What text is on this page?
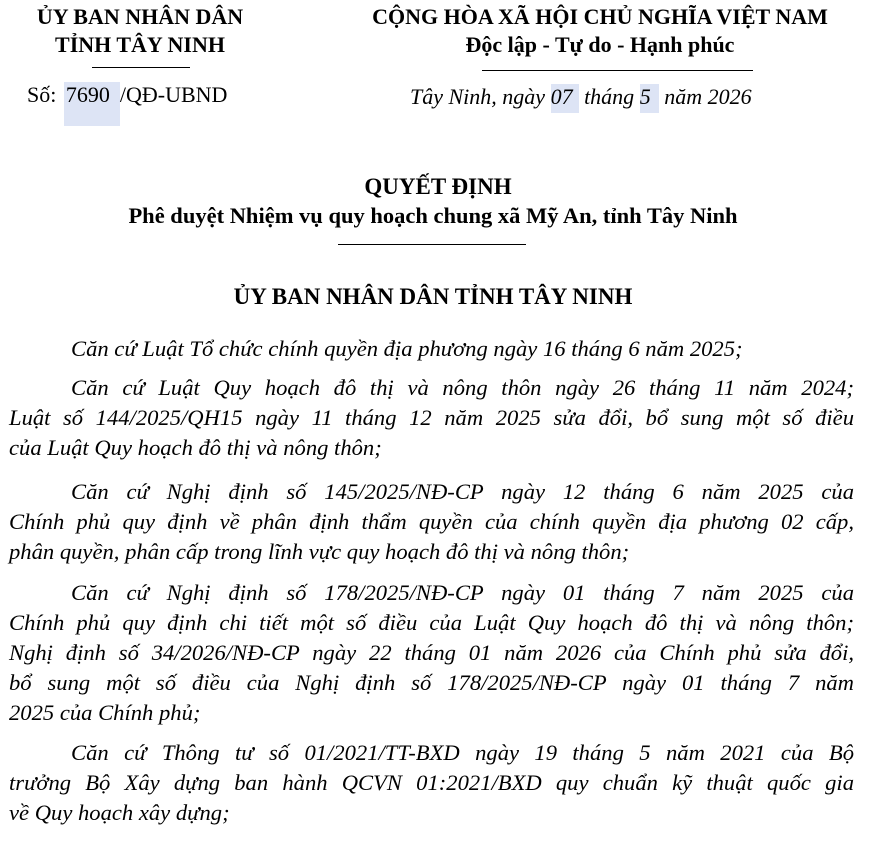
ỦY BAN NHÂN DÂN
TỈNH TÂY NINH
Số: 7690 /QĐ-UBND
CỘNG HÒA XÃ HỘI CHỦ NGHĨA VIỆT NAM
Độc lập - Tự do - Hạnh phúc
Tây Ninh, ngày 07 tháng 5 năm 2026
QUYẾT ĐỊNH
Phê duyệt Nhiệm vụ quy hoạch chung xã Mỹ An, tỉnh Tây Ninh
ỦY BAN NHÂN DÂN TỈNH TÂY NINH
Căn cứ Luật Tổ chức chính quyền địa phương ngày 16 tháng 6 năm 2025;
Căn cứ Luật Quy hoạch đô thị và nông thôn ngày 26 tháng 11 năm 2024;
Luật số 144/2025/QH15 ngày 11 tháng 12 năm 2025 sửa đổi, bổ sung một số điều
của Luật Quy hoạch đô thị và nông thôn;
Căn cứ Nghị định số 145/2025/NĐ-CP ngày 12 tháng 6 năm 2025 của
Chính phủ quy định về phân định thẩm quyền của chính quyền địa phương 02 cấp,
phân quyền, phân cấp trong lĩnh vực quy hoạch đô thị và nông thôn;
Căn cứ Nghị định số 178/2025/NĐ-CP ngày 01 tháng 7 năm 2025 của
Chính phủ quy định chi tiết một số điều của Luật Quy hoạch đô thị và nông thôn;
Nghị định số 34/2026/NĐ-CP ngày 22 tháng 01 năm 2026 của Chính phủ sửa đổi,
bổ sung một số điều của Nghị định số 178/2025/NĐ-CP ngày 01 tháng 7 năm
2025 của Chính phủ;
Căn cứ Thông tư số 01/2021/TT-BXD ngày 19 tháng 5 năm 2021 của Bộ
trưởng Bộ Xây dựng ban hành QCVN 01:2021/BXD quy chuẩn kỹ thuật quốc gia
về Quy hoạch xây dựng;
